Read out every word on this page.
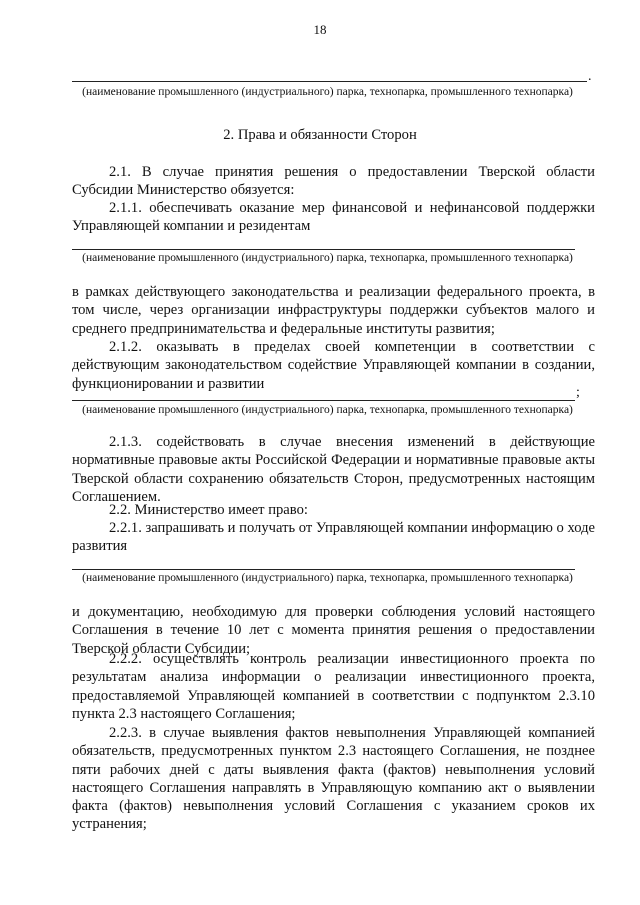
18
.
(наименование промышленного (индустриального) парка, технопарка, промышленного технопарка)
2. Права и обязанности Сторон
2.1. В случае принятия решения о предоставлении Тверской области Субсидии Министерство обязуется:
2.1.1. обеспечивать оказание мер финансовой и нефинансовой поддержки Управляющей компании и резидентам
(наименование промышленного (индустриального) парка, технопарка, промышленного технопарка)
в рамках действующего законодательства и реализации федерального проекта, в том числе, через организации инфраструктуры поддержки субъектов малого и среднего предпринимательства и федеральные институты развития;
2.1.2. оказывать в пределах своей компетенции в соответствии с действующим законодательством содействие Управляющей компании в создании, функционировании и развитии
;
(наименование промышленного (индустриального) парка, технопарка, промышленного технопарка)
2.1.3. содействовать в случае внесения изменений в действующие нормативные правовые акты Российской Федерации и нормативные правовые акты Тверской области сохранению обязательств Сторон, предусмотренных настоящим Соглашением.
2.2. Министерство имеет право:
2.2.1. запрашивать и получать от Управляющей компании информацию о ходе развития
(наименование промышленного (индустриального) парка, технопарка, промышленного технопарка)
и документацию, необходимую для проверки соблюдения условий настоящего Соглашения в течение 10 лет с момента принятия решения о предоставлении Тверской области Субсидии;
2.2.2. осуществлять контроль реализации инвестиционного проекта по результатам анализа информации о реализации инвестиционного проекта, предоставляемой Управляющей компанией в соответствии с подпунктом 2.3.10 пункта 2.3 настоящего Соглашения;
2.2.3. в случае выявления фактов невыполнения Управляющей компанией обязательств, предусмотренных пунктом 2.3 настоящего Соглашения, не позднее пяти рабочих дней с даты выявления факта (фактов) невыполнения условий настоящего Соглашения направлять в Управляющую компанию акт о выявлении факта (фактов) невыполнения условий Соглашения с указанием сроков их устранения;
